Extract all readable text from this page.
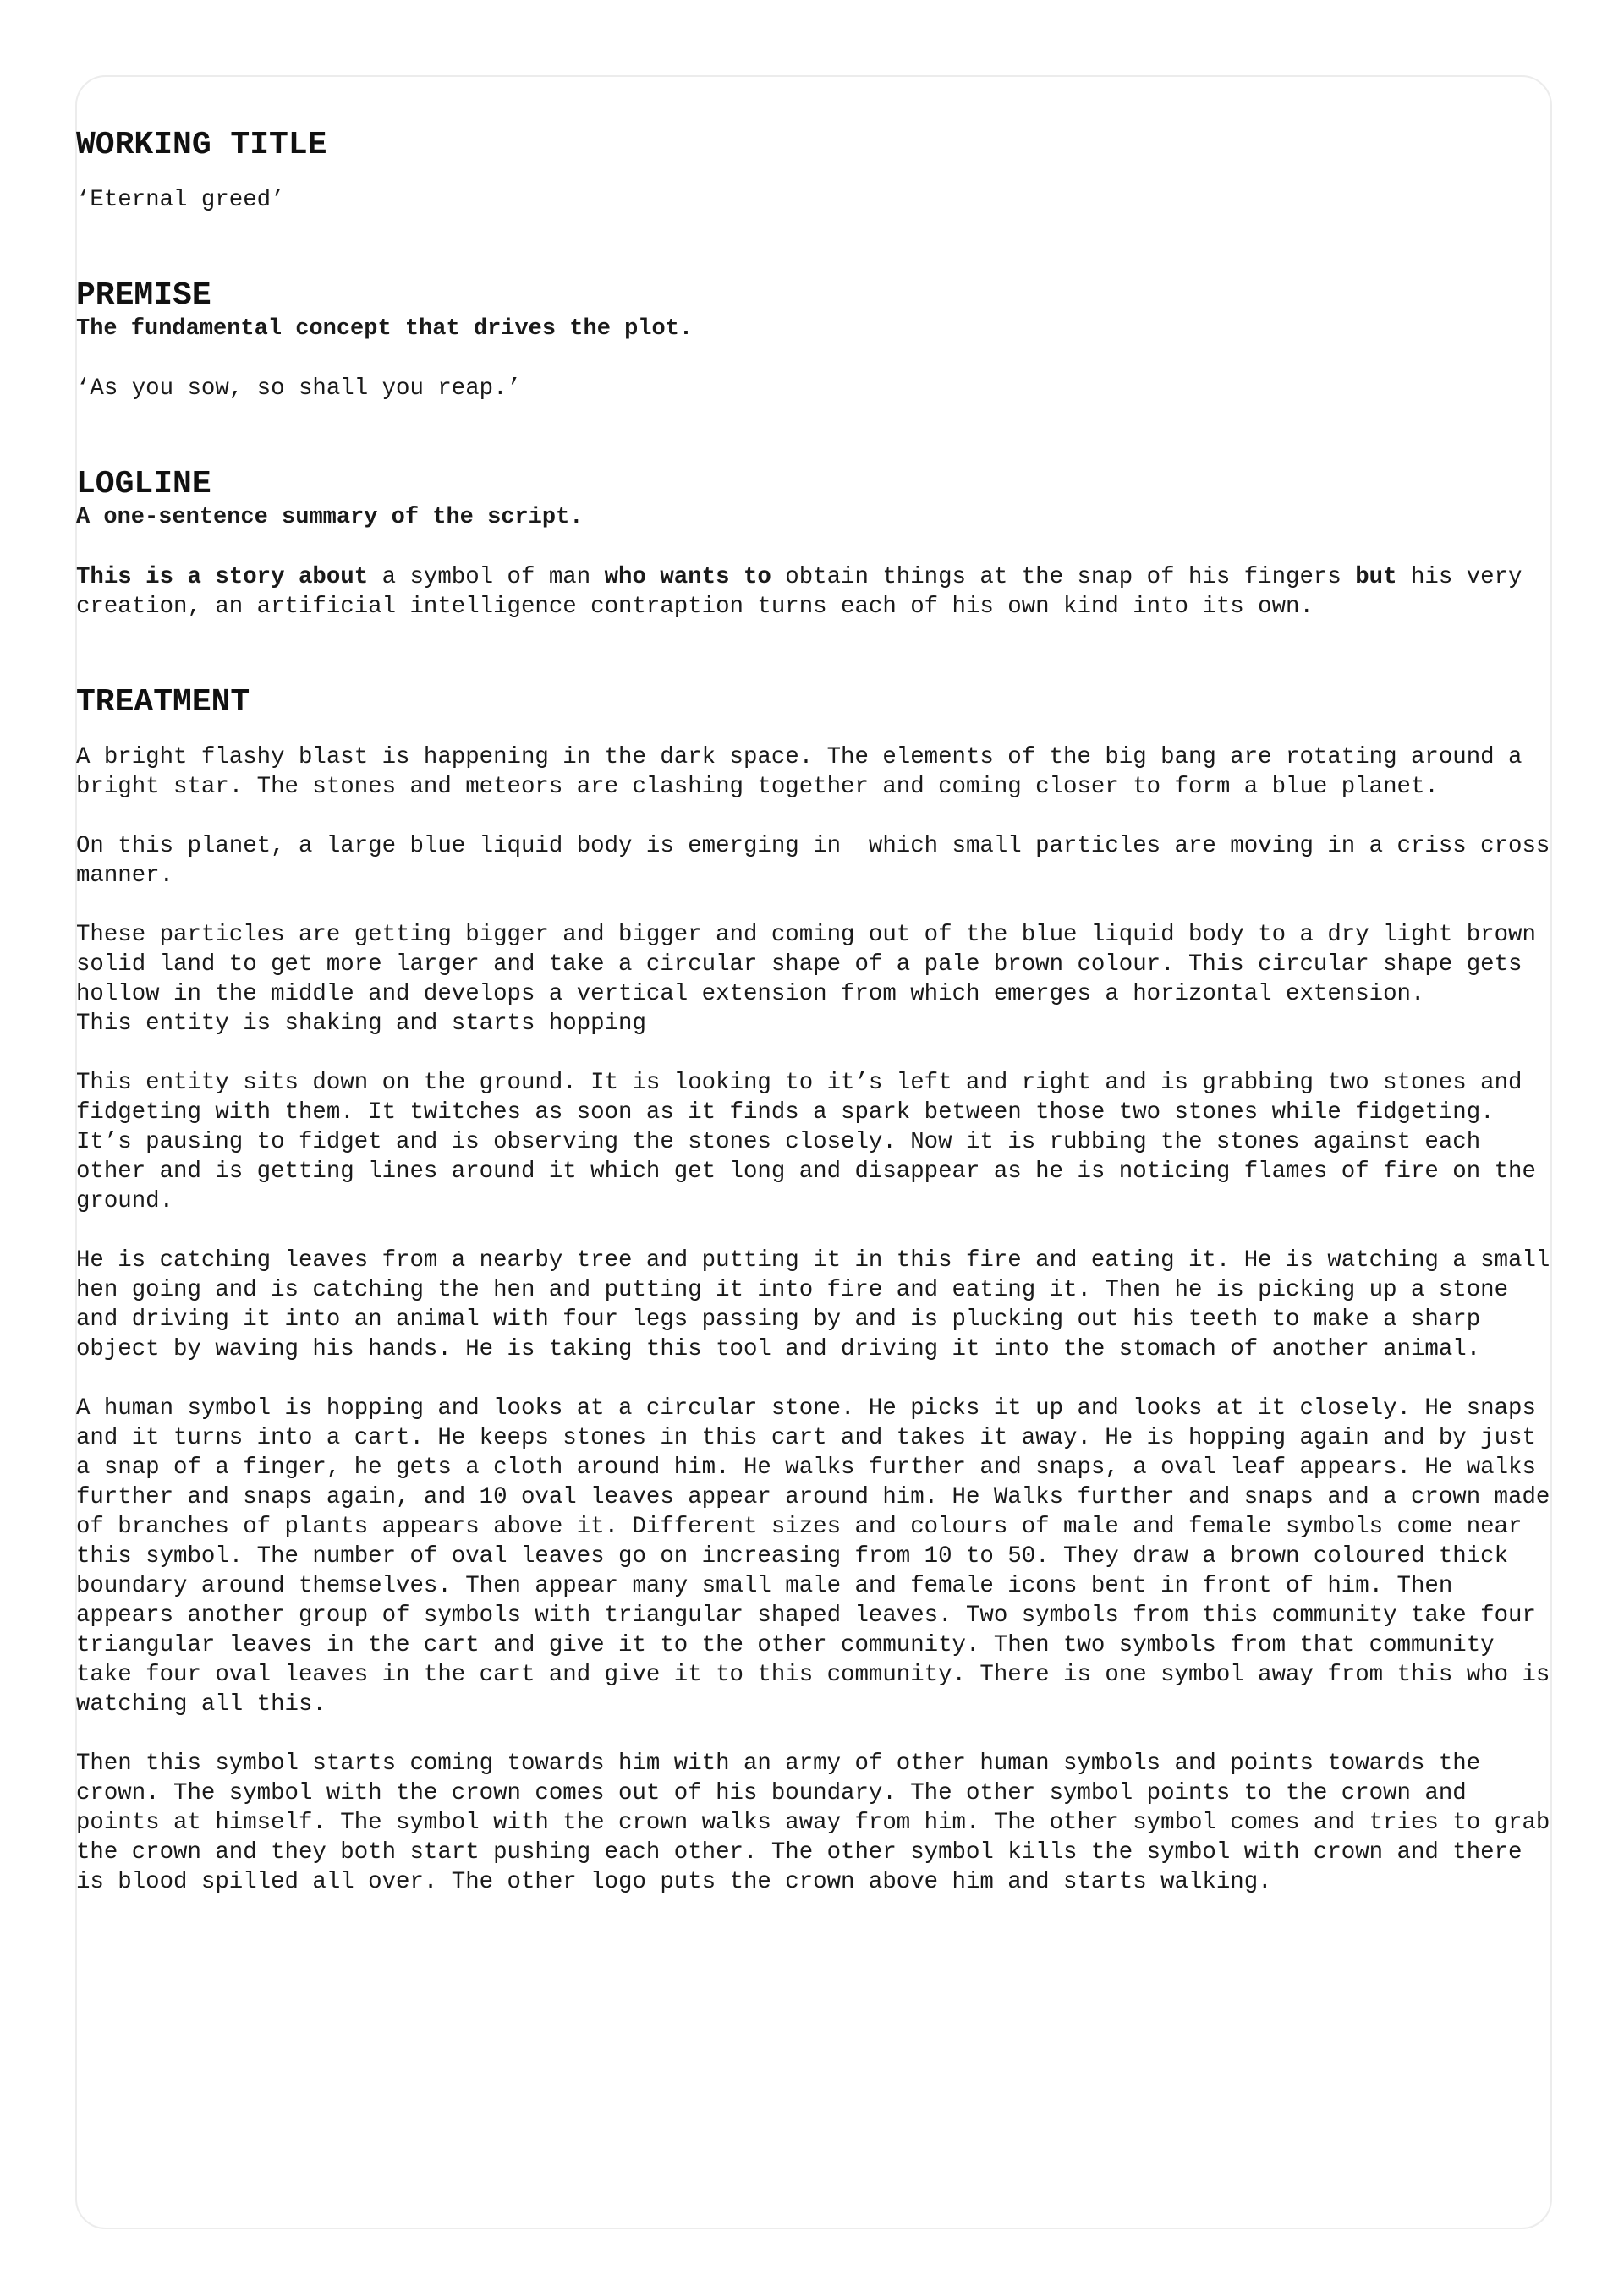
WORKING TITLE

‘Eternal greed’

PREMISE

The fundamental concept that drives the plot.

‘As you sow, so shall you reap.’

LOGLINE

A one-sentence summary of the script.

This is a story about a symbol of man who wants to obtain things at the snap of his fingers but his very creation, an artificial intelligence contraption turns each of his own kind into its own.

TREATMENT

A bright flashy blast is happening in the dark space. The elements of the big bang are rotating around a bright star. The stones and meteors are clashing together and coming closer to form a blue planet.

On this planet, a large blue liquid body is emerging in  which small particles are moving in a criss cross manner.

These particles are getting bigger and bigger and coming out of the blue liquid body to a dry light brown solid land to get more larger and take a circular shape of a pale brown colour. This circular shape gets hollow in the middle and develops a vertical extension from which emerges a horizontal extension.
This entity is shaking and starts hopping

This entity sits down on the ground. It is looking to it’s left and right and is grabbing two stones and fidgeting with them. It twitches as soon as it finds a spark between those two stones while fidgeting. It’s pausing to fidget and is observing the stones closely. Now it is rubbing the stones against each other and is getting lines around it which get long and disappear as he is noticing flames of fire on the ground.

He is catching leaves from a nearby tree and putting it in this fire and eating it. He is watching a small hen going and is catching the hen and putting it into fire and eating it. Then he is picking up a stone and driving it into an animal with four legs passing by and is plucking out his teeth to make a sharp object by waving his hands. He is taking this tool and driving it into the stomach of another animal.

A human symbol is hopping and looks at a circular stone. He picks it up and looks at it closely. He snaps and it turns into a cart. He keeps stones in this cart and takes it away. He is hopping again and by just a snap of a finger, he gets a cloth around him. He walks further and snaps, a oval leaf appears. He walks further and snaps again, and 10 oval leaves appear around him. He Walks further and snaps and a crown made of branches of plants appears above it. Different sizes and colours of male and female symbols come near this symbol. The number of oval leaves go on increasing from 10 to 50. They draw a brown coloured thick boundary around themselves. Then appear many small male and female icons bent in front of him. Then appears another group of symbols with triangular shaped leaves. Two symbols from this community take four triangular leaves in the cart and give it to the other community. Then two symbols from that community take four oval leaves in the cart and give it to this community. There is one symbol away from this who is watching all this.

Then this symbol starts coming towards him with an army of other human symbols and points towards the crown. The symbol with the crown comes out of his boundary. The other symbol points to the crown and points at himself. The symbol with the crown walks away from him. The other symbol comes and tries to grab the crown and they both start pushing each other. The other symbol kills the symbol with crown and there is blood spilled all over. The other logo puts the crown above him and starts walking.
